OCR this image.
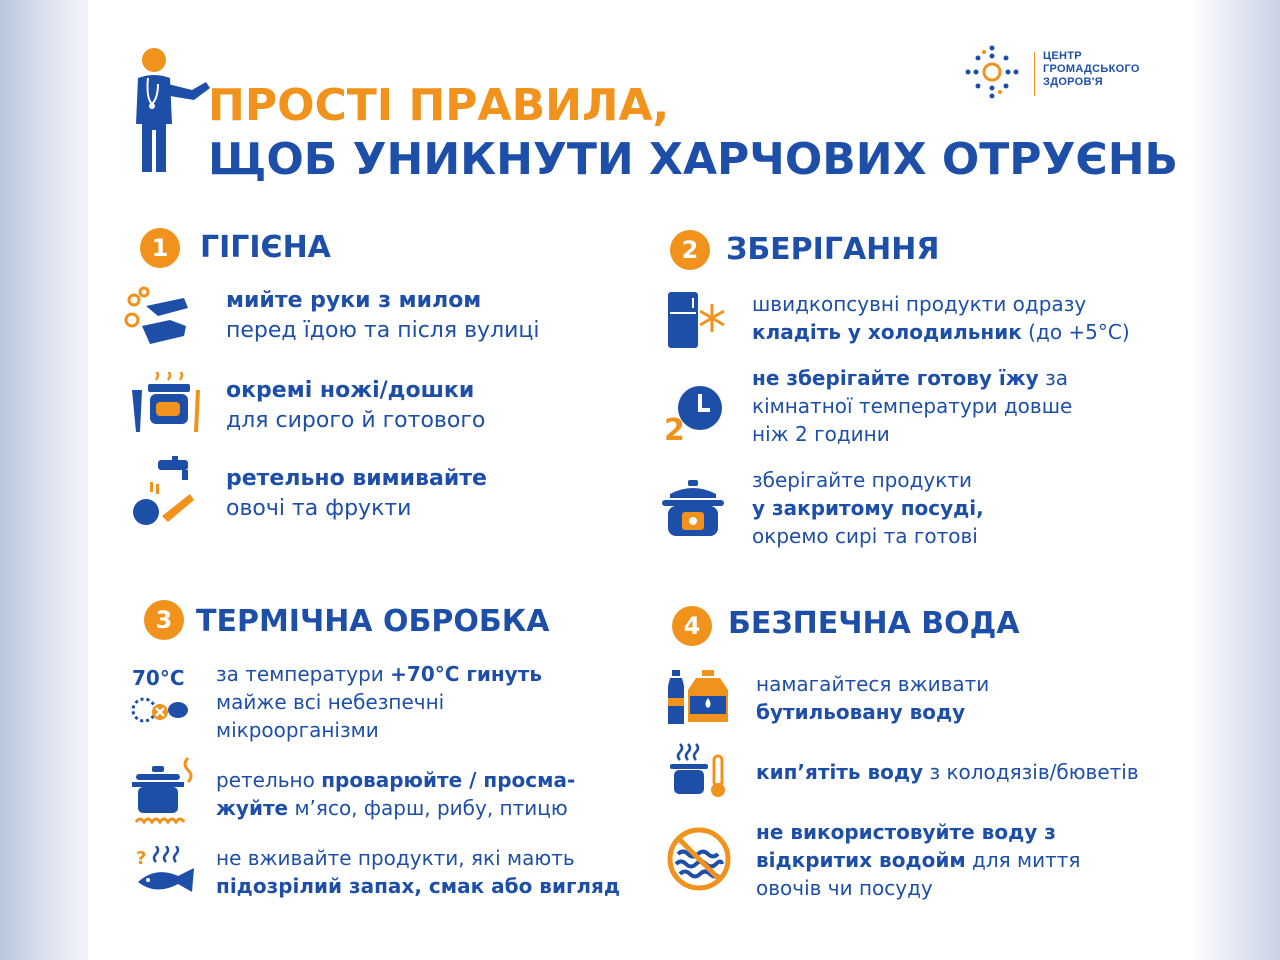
ЦЕНТР
ГРОМАДСЬКОГО
ЗДОРОВ'Я
ПРОСТІ ПРАВИЛА,
ЩОБ УНИКНУТИ ХАРЧОВИХ ОТРУЄНЬ
1	ГІГІЄНА
мийте руки з милом
перед їдою та після вулиці
окремі ножі/дошки
для сирого й готового
ретельно вимивайте
овочі та фрукти
2 ЗБЕРІГАННЯ
швидкопсувні продукти одразу
кладіть у холодильник (до +5°C)
2
не зберігайте готову їжу за
кімнатної температури довше
ніж 2 години
зберігайте продукти
у закритому посуді,
окремо сирі та готові
3 ТЕРМІЧНА ОБРОБКА
70°C за температури +70°C гинуть
майже всі небезпечні
мікроорганізми
ретельно проварюйте / просма-
жуйте м’ясо, фарш, рибу, птицю
?	не вживайте продукти, які мають
підозрілий запах, смак або вигляд
4 БЕЗПЕЧНА ВОДА
намагайтеся вживати
бутильовану воду
кип’ятіть воду з колодязів/бюветів
не використовуйте воду з
відкритих водойм для миття
овочів чи посуду
